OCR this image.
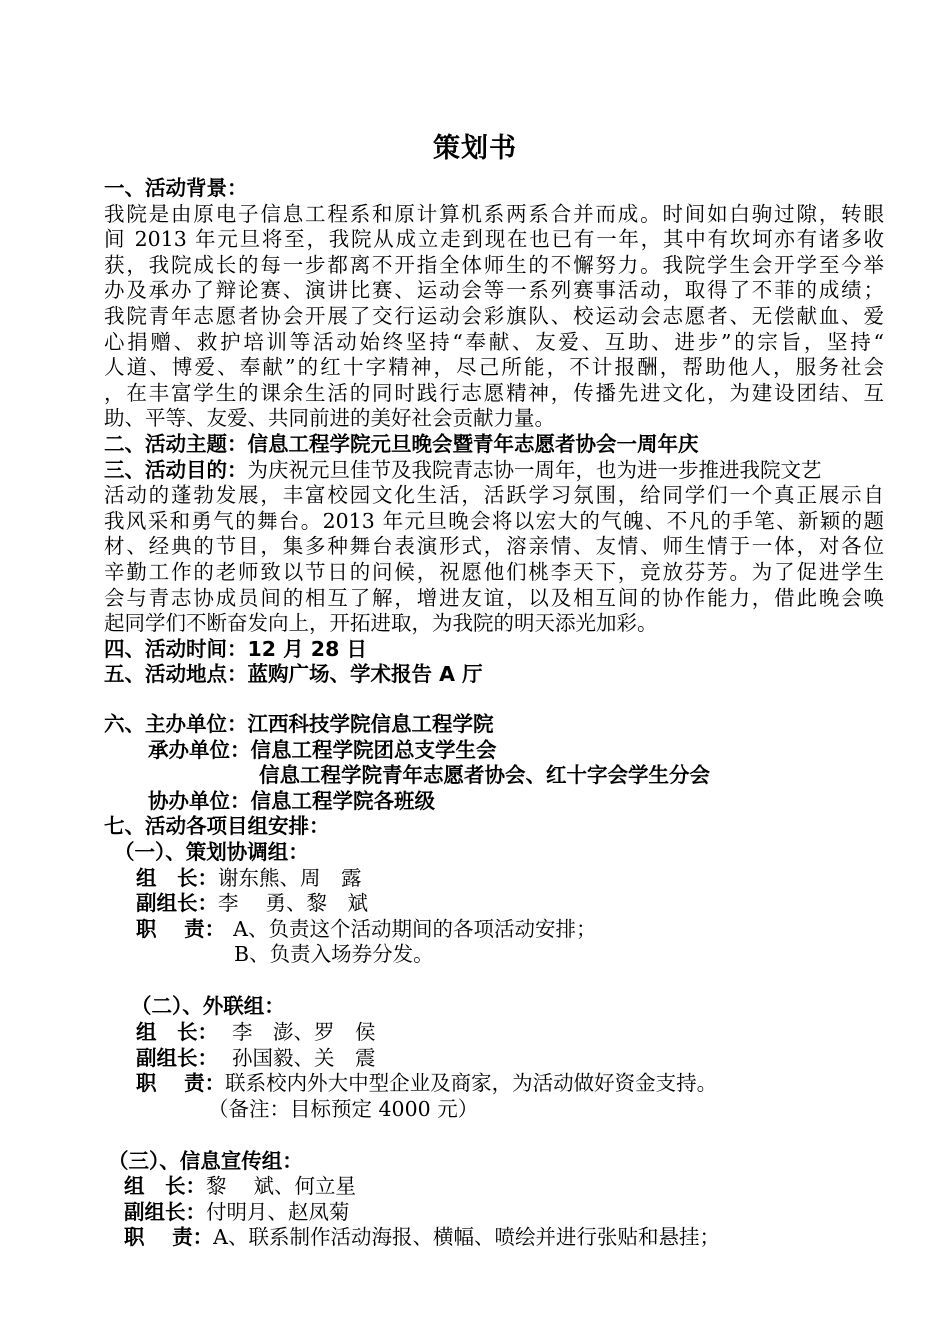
策划书
一、活动背景：
我院是由原电子信息工程系和原计算机系两系合并而成。时间如白驹过隙，转眼
间 2013 年元旦将至，我院从成立走到现在也已有一年，其中有坎坷亦有诸多收
获，我院成长的每一步都离不开指全体师生的不懈努力。我院学生会开学至今举
办及承办了辩论赛、演讲比赛、运动会等一系列赛事活动，取得了不菲的成绩；
我院青年志愿者协会开展了交行运动会彩旗队、校运动会志愿者、无偿献血、爱
心捐赠、救护培训等活动始终坚持“奉献、友爱、互助、进步”的宗旨，坚持“
人道、博爱、奉献”的红十字精神，尽己所能，不计报酬，帮助他人，服务社会
，在丰富学生的课余生活的同时践行志愿精神，传播先进文化，为建设团结、互
助、平等、友爱、共同前进的美好社会贡献力量。
二、活动主题：信息工程学院元旦晚会暨青年志愿者协会一周年庆
三、活动目的：为庆祝元旦佳节及我院青志协一周年，也为进一步推进我院文艺
活动的蓬勃发展，丰富校园文化生活，活跃学习氛围，给同学们一个真正展示自
我风采和勇气的舞台。2013 年元旦晚会将以宏大的气魄、不凡的手笔、新颖的题
材、经典的节目，集多种舞台表演形式，溶亲情、友情、师生情于一体，对各位
辛勤工作的老师致以节日的问候，祝愿他们桃李天下，竞放芬芳。为了促进学生
会与青志协成员间的相互了解，增进友谊，以及相互间的协作能力，借此晚会唤
起同学们不断奋发向上，开拓进取，为我院的明天添光加彩。
四、活动时间：12 月 28 日
五、活动地点：蓝购广场、学术报告 A 厅
六、主办单位：江西科技学院信息工程学院
承办单位：信息工程学院团总支学生会
信息工程学院青年志愿者协会、红十字会学生分会
协办单位：信息工程学院各班级
七、活动各项目组安排：
（一）、策划协调组：
组　长：谢东熊、周　露
副组长：李　 勇、黎　斌
职　 责： A、负责这个活动期间的各项活动安排；
B、负责入场券分发。
（二）、外联组：
组　长： 李　澎、罗　侯
副组长： 孙国毅、关　震
职　 责：联系校内外大中型企业及商家，为活动做好资金支持。
（备注：目标预定 4000 元）
（三）、信息宣传组：
组　长：黎　 斌、何立星
副组长：付明月、赵凤菊
职　 责：A、联系制作活动海报、横幅、喷绘并进行张贴和悬挂；
